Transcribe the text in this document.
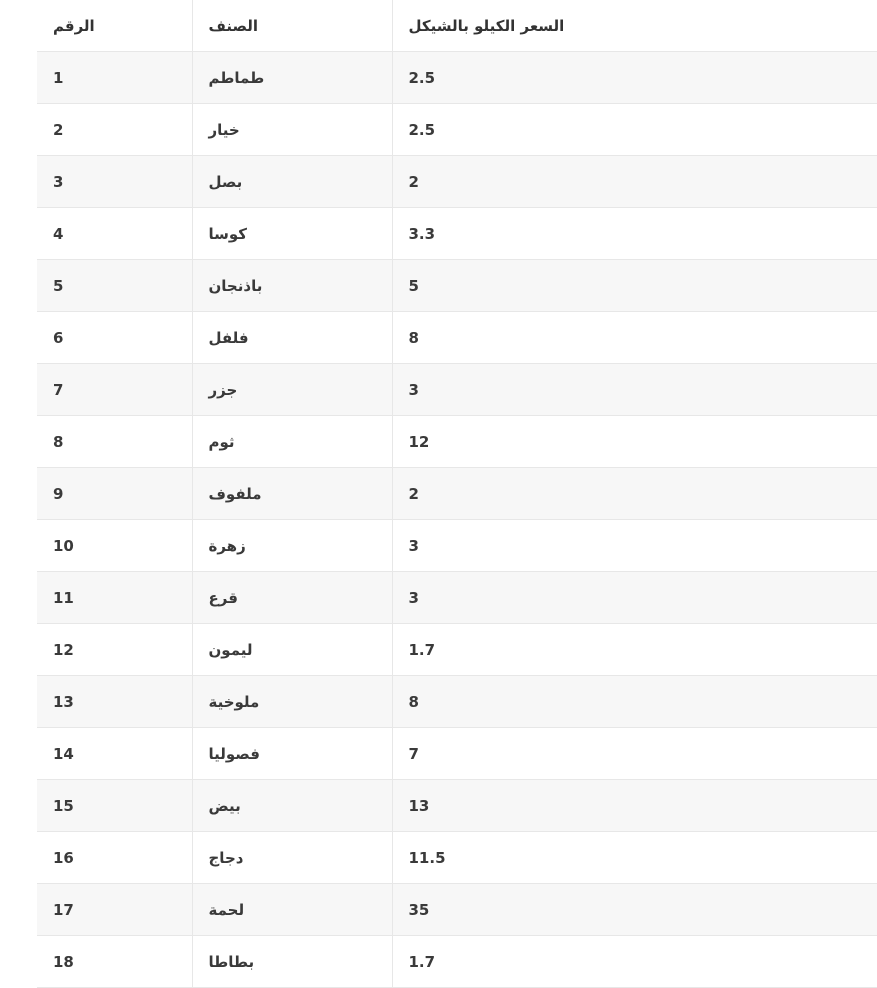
السعر الكيلو بالشيكل	الصنف	الرقم
2.5	طماطم	1
2.5	خيار	2
2	بصل	3
3.3	كوسا	4
5	باذنجان	5
8	فلفل	6
3	جزر	7
12	ثوم	8
2	ملفوف	9
3	زهرة	10
3	قرع	11
1.7	ليمون	12
8	ملوخية	13
7	فصوليا	14
13	بيض	15
11.5	دجاج	16
35	لحمة	17
1.7	بطاطا	18
